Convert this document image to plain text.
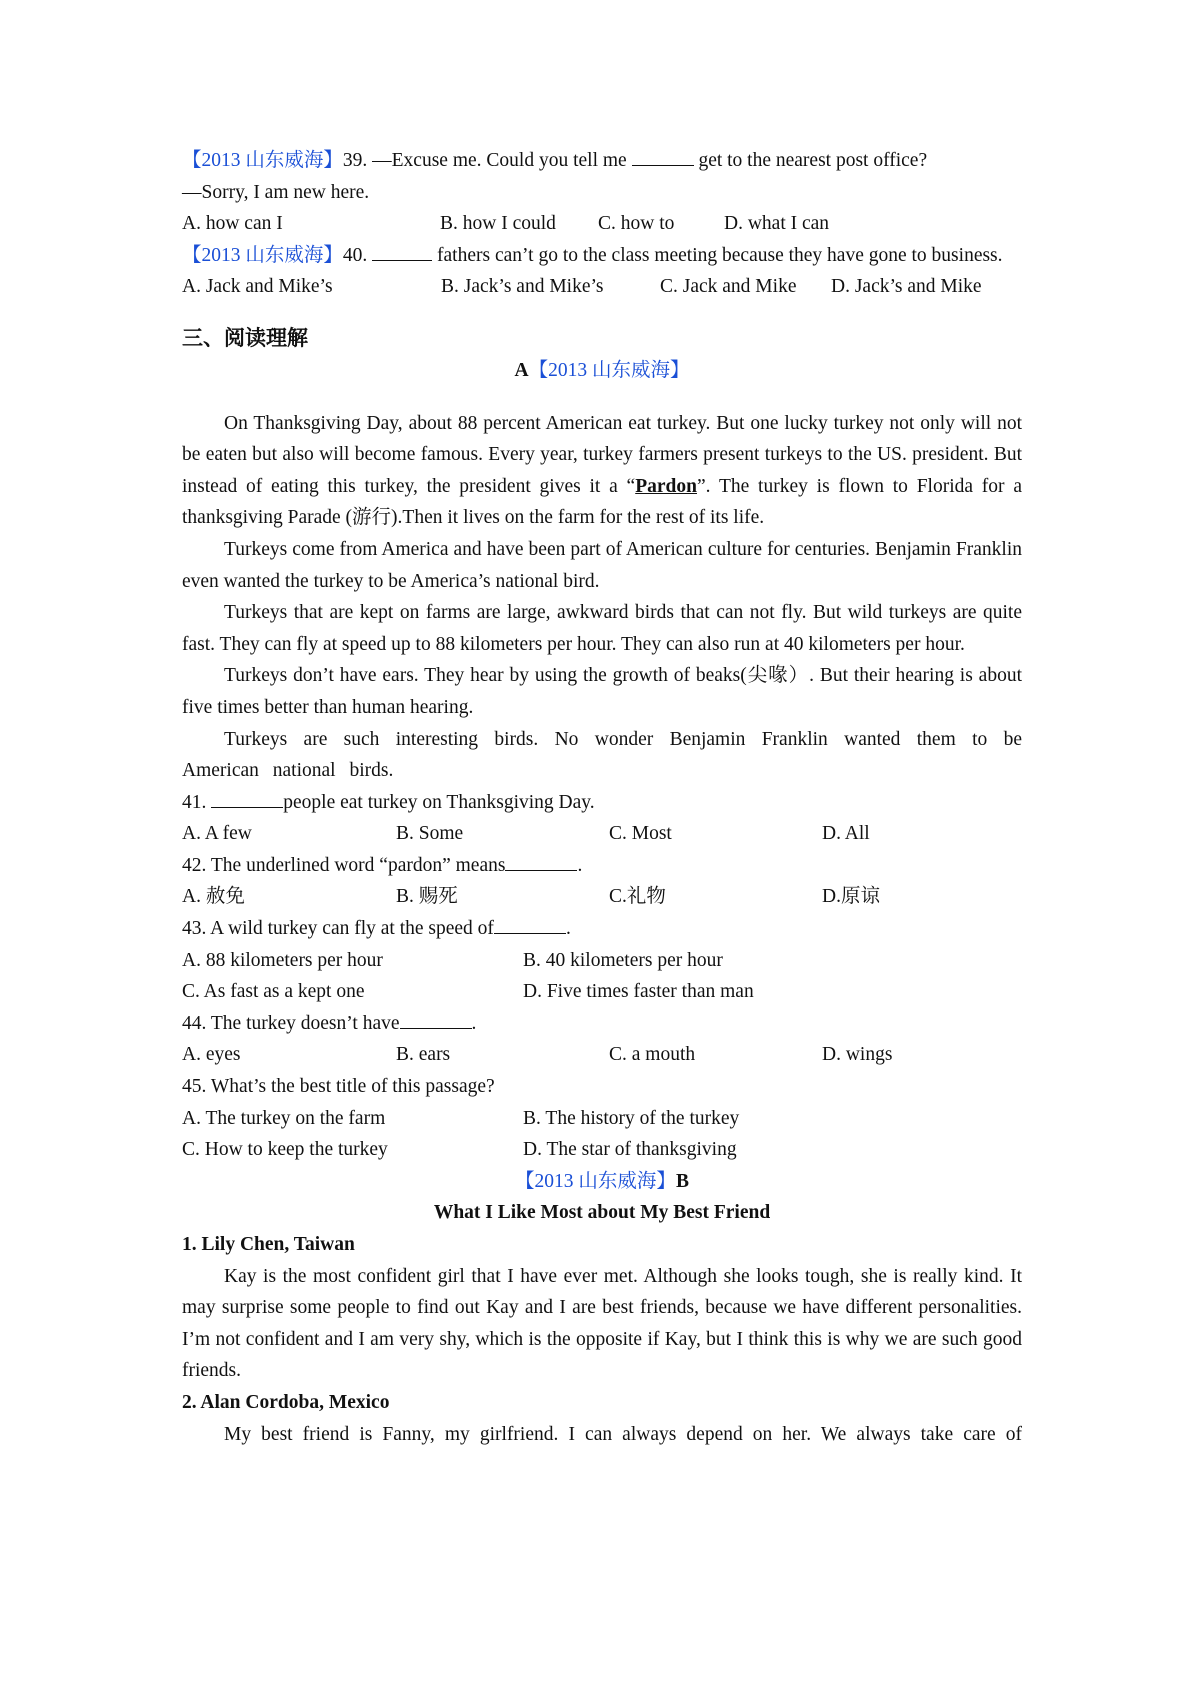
【2013 山东威海】39. —Excuse me. Could you tell me	get to the nearest post office?
—Sorry, I am new here.
A. how can I	B. how I could	C. how to	D. what I can
【2013 山东威海】40.	fathers can’t go to the class meeting because they have gone to business.
A. Jack and Mike’s	B. Jack’s and Mike’s	C. Jack and Mike	D. Jack’s and Mike
三、阅读理解
A【2013 山东威海】
On Thanksgiving Day, about 88 percent American eat turkey. But one lucky turkey not only will not be eaten but also will become famous. Every year, turkey farmers present turkeys to the US. president. But instead of eating this turkey, the president gives it a “Pardon”. The turkey is flown to Florida for a thanksgiving Parade (游行).Then it lives on the farm for the rest of its life.
Turkeys come from America and have been part of American culture for centuries. Benjamin Franklin even wanted the turkey to be America’s national bird.
Turkeys that are kept on farms are large, awkward birds that can not fly. But wild turkeys are quite fast. They can fly at speed up to 88 kilometers per hour. They can also run at 40 kilometers per hour.
Turkeys don’t have ears. They hear by using the growth of beaks(尖喙）. But their hearing is about five times better than human hearing.
Turkeys are such interesting birds. No wonder Benjamin Franklin wanted them to be American national birds.
41.	people eat turkey on Thanksgiving Day.
A. A few	B. Some	C. Most	D. All
42. The underlined word “pardon” means	.
A. 赦免	B. 赐死	C.礼物	D.原谅
43. A wild turkey can fly at the speed of	.
A. 88 kilometers per hour	B. 40 kilometers per hour
C. As fast as a kept one	D. Five times faster than man
44. The turkey doesn’t have	.
A. eyes	B. ears	C. a mouth	D. wings
45. What’s the best title of this passage?
A. The turkey on the farm	B. The history of the turkey
C. How to keep the turkey	D. The star of thanksgiving
【2013 山东威海】B
What I Like Most about My Best Friend
1. Lily Chen, Taiwan
Kay is the most confident girl that I have ever met. Although she looks tough, she is really kind. It may surprise some people to find out Kay and I are best friends, because we have different personalities. I’m not confident and I am very shy, which is the opposite if Kay, but I think this is why we are such good friends.
2. Alan Cordoba, Mexico
My best friend is Fanny, my girlfriend. I can always depend on her. We always take care of
